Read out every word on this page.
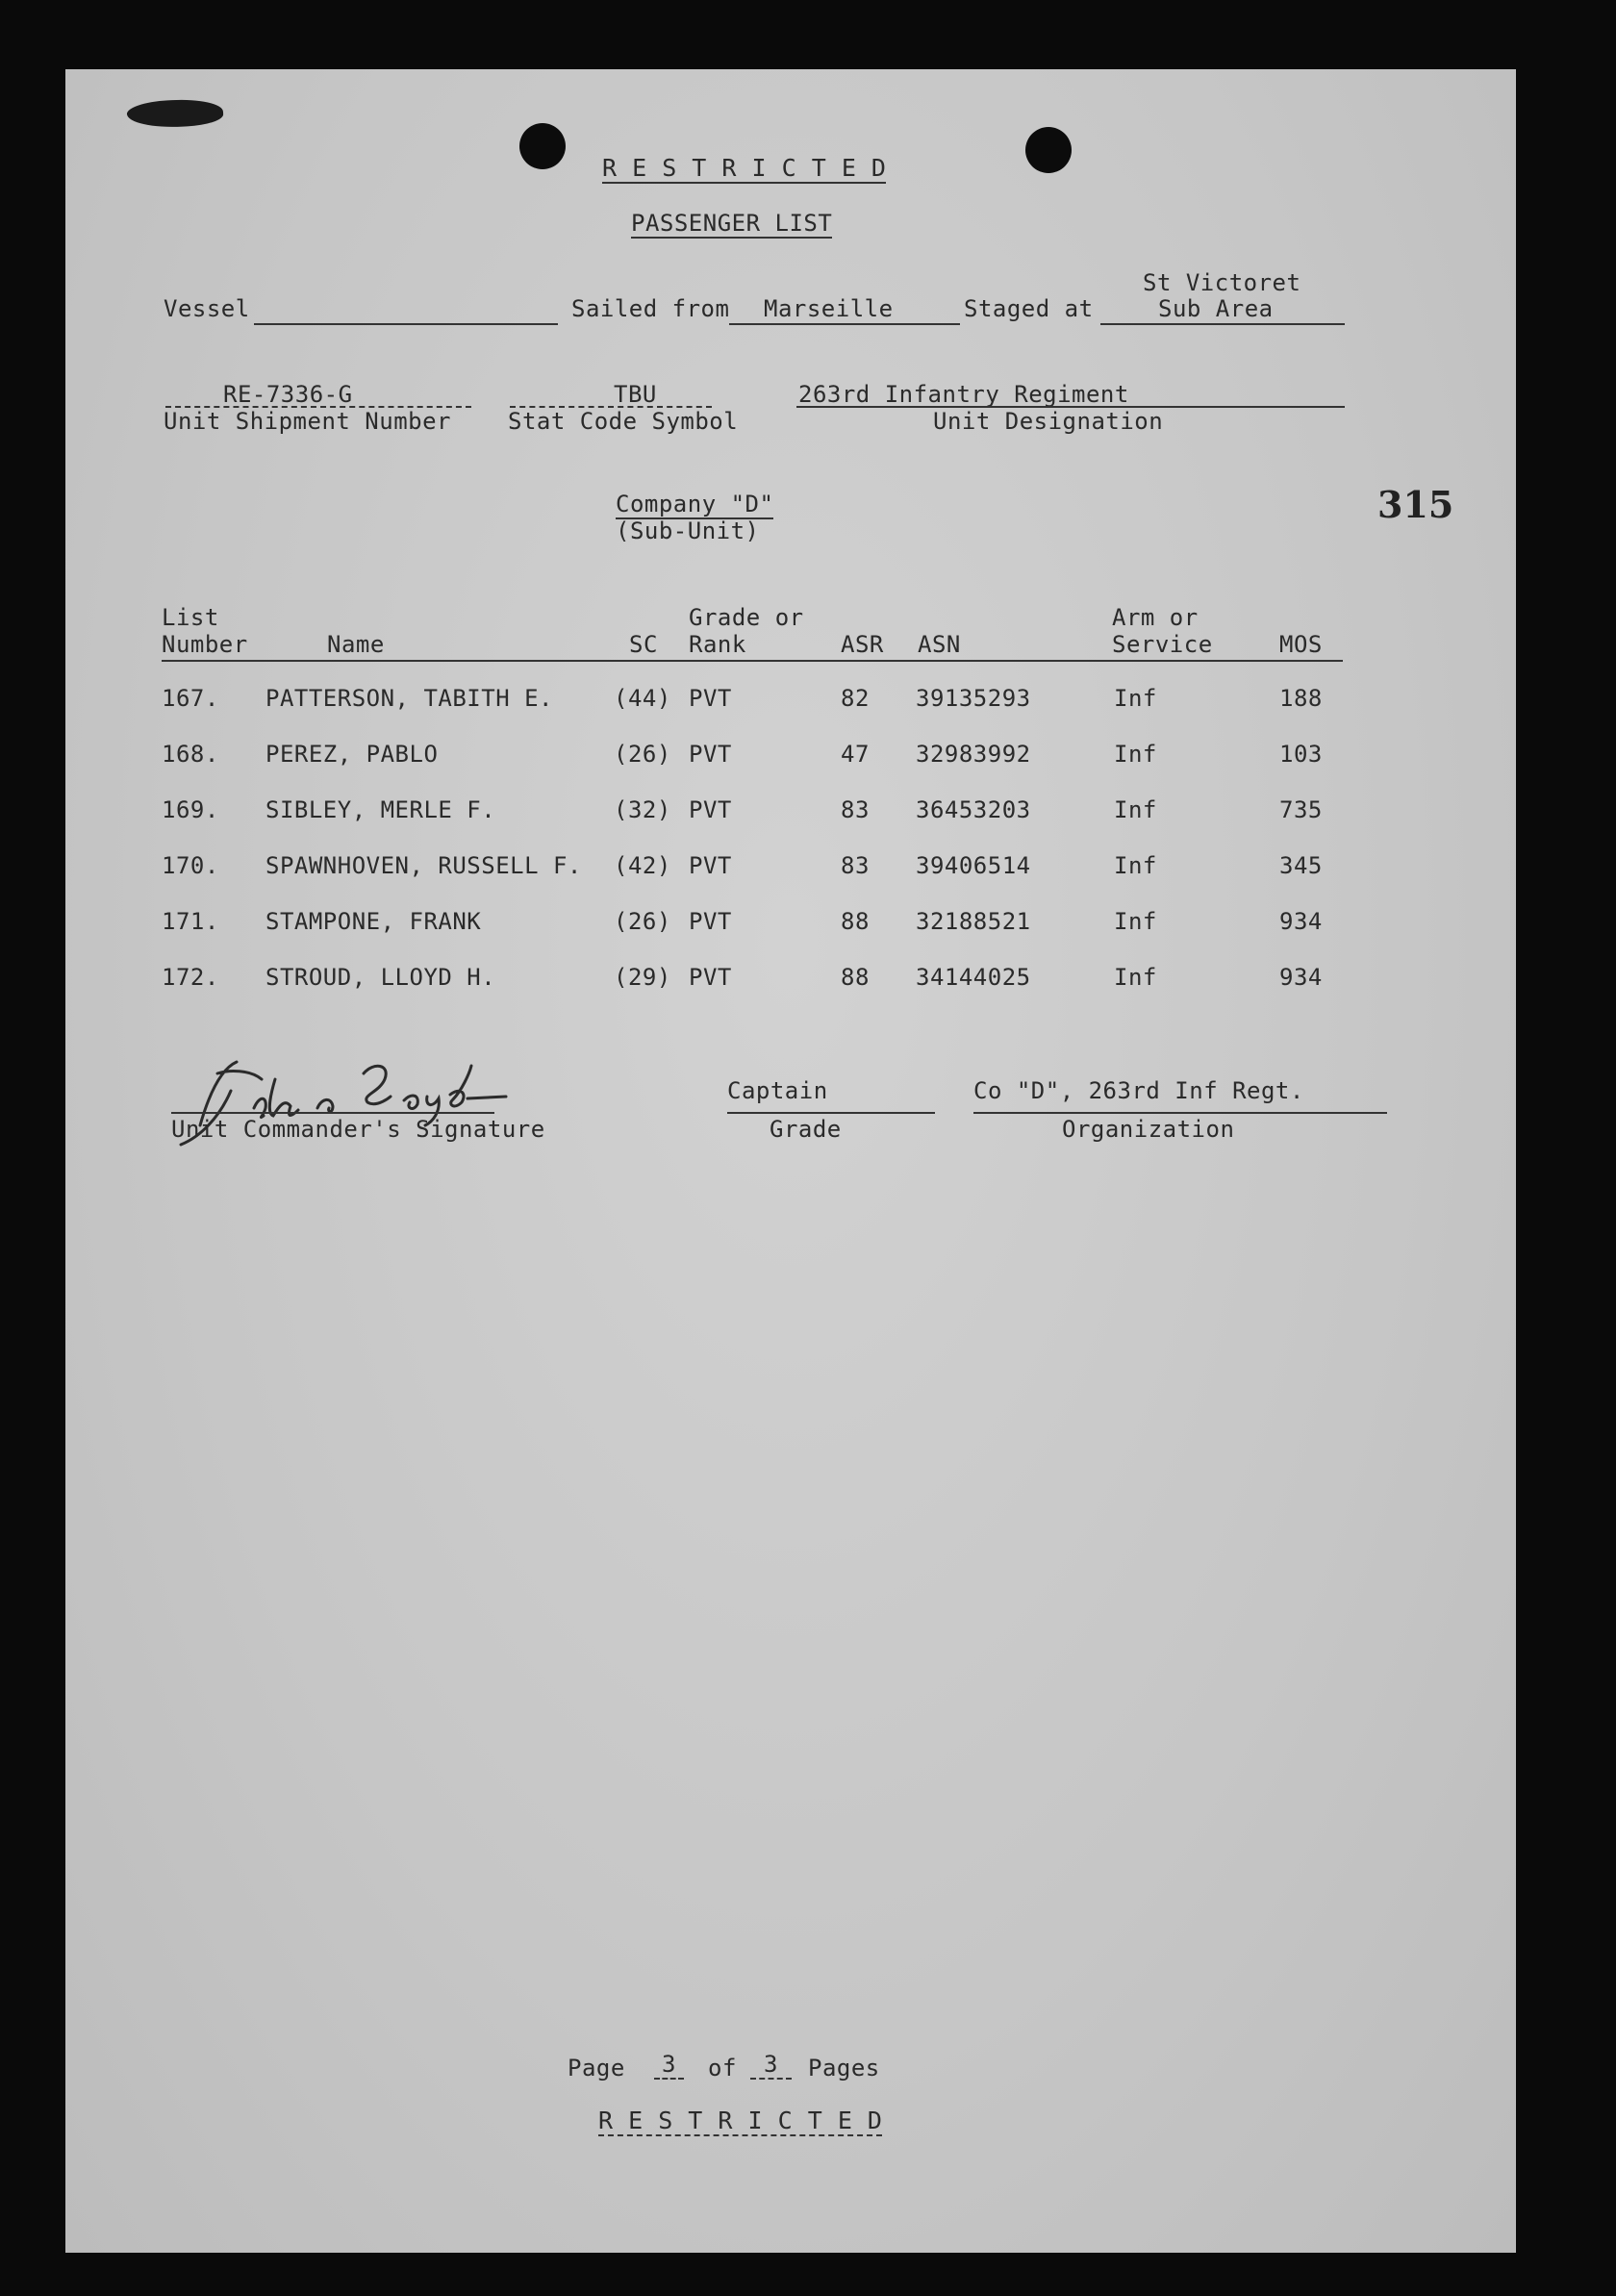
R E S T R I C T E D
PASSENGER LIST
Vessel	Sailed from Marseille	Staged at
St Victoret
Sub Area
RE-7336-G
Unit Shipment Number
TBU
Stat Code Symbol
263rd Infantry Regiment
Unit Designation
Company "D"
(Sub-Unit)
315
List
Number	Name	SC
Grade or
Rank	ASR ASN
Arm or
Service	MOS
167. PATTERSON, TABITH E.	(44) PVT	82 39135293	Inf	188
168. PEREZ, PABLO	(26) PVT	47 32983992	Inf	103
169. SIBLEY, MERLE F.	(32) PVT	83 36453203	Inf	735
170. SPAWNHOVEN, RUSSELL F. (42) PVT	83 39406514	Inf	345
171. STAMPONE, FRANK	(26) PVT	88 32188521	Inf	934
172. STROUD, LLOYD H.	(29) PVT	88 34144025	Inf	934
Unit Commander's Signature
Captain
Grade
Co "D", 263rd Inf Regt.
Organization
Page	3	of	3	Pages
R E S T R I C T E D
